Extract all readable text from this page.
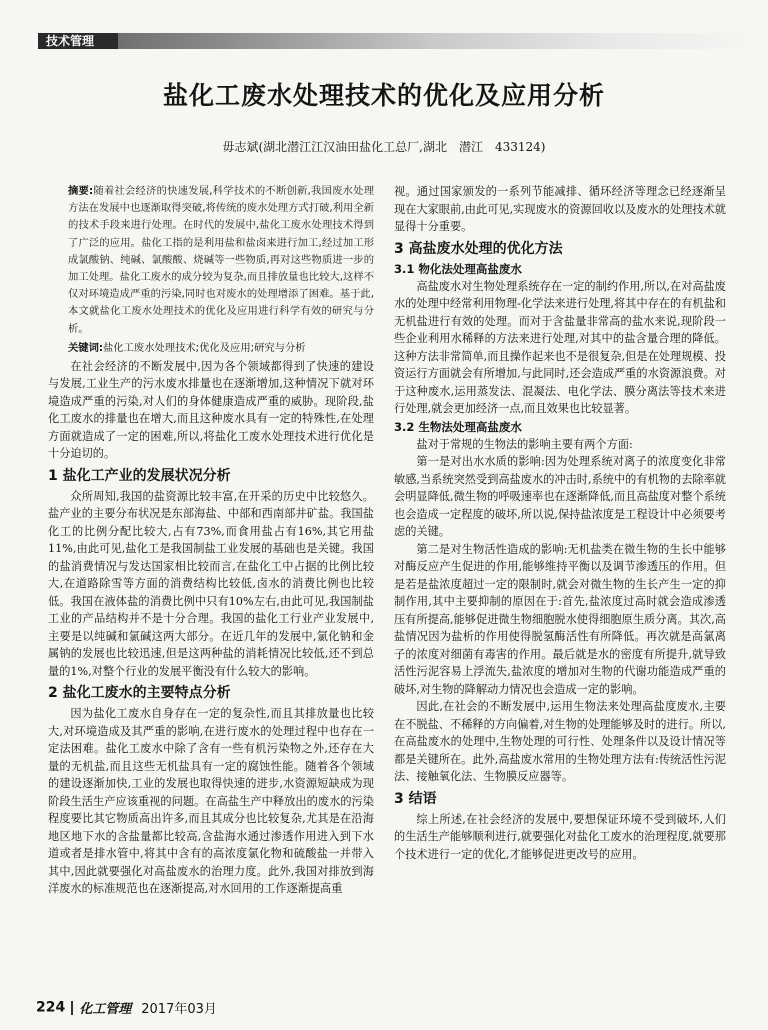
技术管理
盐化工废水处理技术的优化及应用分析
毋志斌(湖北潜江江汉油田盐化工总厂,湖北　潜江　433124)
摘要:随着社会经济的快速发展,科学技术的不断创新,我国废水处理方法在发展中也逐渐取得突破,将传统的废水处理方式打破,利用全新的技术手段来进行处理。在时代的发展中,盐化工废水处理技术得到了广泛的应用。盐化工指的是利用盐和盐卤来进行加工,经过加工形成氯酸钠、纯碱、氯酸酸、烧碱等一些物质,再对这些物质进一步的加工处理。盐化工废水的成分较为复杂,而且排放量也比较大,这样不仅对环境造成严重的污染,同时也对废水的处理增添了困难。基于此,本文就盐化工废水处理技术的优化及应用进行科学有效的研究与分析。
关键词:盐化工废水处理技术;优化及应用;研究与分析

在社会经济的不断发展中,因为各个领域都得到了快速的建设与发展,工业生产的污水废水排量也在逐渐增加,这种情况下就对环境造成严重的污染,对人们的身体健康造成严重的威胁。现阶段,盐化工废水的排量也在增大,而且这种废水具有一定的特殊性,在处理方面就造成了一定的困难,所以,将盐化工废水处理技术进行优化是十分迫切的。

1 盐化工产业的发展状况分析

众所周知,我国的盐资源比较丰富,在开采的历史中比较悠久。盐产业的主要分布状况是东部海盐、中部和西南部井矿盐。我国盐化工的比例分配比较大,占有73%,而食用盐占有16%,其它用盐11%,由此可见,盐化工是我国制盐工业发展的基础也是关键。我国的盐消费情况与发达国家相比较而言,在盐化工中占据的比例比较大,在道路除雪等方面的消费结构比较低,卤水的消费比例也比较低。我国在液体盐的消费比例中只有10%左右,由此可见,我国制盐工业的产品结构并不是十分合理。我国的盐化工行业产业发展中,主要是以纯碱和氯碱这两大部分。在近几年的发展中,氯化钠和金属钠的发展也比较迅速,但是这两种盐的消耗情况比较低,还不到总量的1%,对整个行业的发展平衡没有什么较大的影响。

2 盐化工废水的主要特点分析

因为盐化工废水自身存在一定的复杂性,而且其排放量也比较大,对环境造成及其严重的影响,在进行废水的处理过程中也存在一定法困难。盐化工废水中除了含有一些有机污染物之外,还存在大量的无机盐,而且这些无机盐具有一定的腐蚀性能。随着各个领域的建设逐渐加快,工业的发展也取得快速的进步,水资源短缺成为现阶段生活生产应该重视的问题。在高盐生产中释放出的废水的污染程度要比其它物质高出许多,而且其成分也比较复杂,尤其是在沿海地区地下水的含盐量都比较高,含盐海水通过渗透作用进入到下水道或者是排水管中,将其中含有的高浓度氯化物和硫酸盐一并带入其中,因此就要强化对高盐废水的治理力度。此外,我国对排放到海洋废水的标准规范也在逐渐提高,对水回用的工作逐渐提高重

视。通过国家颁发的一系列节能减排、循环经济等理念已经逐渐呈现在大家眼前,由此可见,实现废水的资源回收以及废水的处理技术就显得十分重要。

3 高盐废水处理的优化方法
3.1 物化法处理高盐废水

高盐废水对生物处理系统存在一定的制约作用,所以,在对高盐废水的处理中经常利用物理-化学法来进行处理,将其中存在的有机盐和无机盐进行有效的处理。而对于含盐量非常高的盐水来说,现阶段一些企业利用水稀释的方法来进行处理,对其中的盐含量合理的降低。这种方法非常简单,而且操作起来也不是很复杂,但是在处理规模、投资运行方面就会有所增加,与此同时,还会造成严重的水资源浪费。对于这种废水,运用蒸发法、混凝法、电化学法、膜分离法等技术来进行处理,就会更加经济一点,而且效果也比较显著。

3.2 生物法处理高盐废水

盐对于常规的生物法的影响主要有两个方面:

第一是对出水水质的影响:因为处理系统对离子的浓度变化非常敏感,当系统突然受到高盐废水的冲击时,系统中的有机物的去除率就会明显降低,微生物的呼吸速率也在逐渐降低,而且高盐度对整个系统也会造成一定程度的破坏,所以说,保持盐浓度是工程设计中必须要考虑的关键。

第二是对生物活性造成的影响:无机盐类在微生物的生长中能够对酶反应产生促进的作用,能够维持平衡以及调节渗透压的作用。但是若是盐浓度超过一定的限制时,就会对微生物的生长产生一定的抑制作用,其中主要抑制的原因在于:首先,盐浓度过高时就会造成渗透压有所提高,能够促进微生物细胞脱水使得细胞原生质分离。其次,高盐情况因为盐析的作用使得脱氢酶活性有所降低。再次就是高氯离子的浓度对细菌有毒害的作用。最后就是水的密度有所提升,就导致活性污泥容易上浮流失,盐浓度的增加对生物的代谢功能造成严重的破坏,对生物的降解动力情况也会造成一定的影响。

因此,在社会的不断发展中,运用生物法来处理高盐度废水,主要在不脱盐、不稀释的方向偏着,对生物的处理能够及时的进行。所以,在高盐废水的处理中,生物处理的可行性、处理条件以及设计情况等都是关键所在。此外,高盐废水常用的生物处理方法有:传统活性污泥法、接触氧化法、生物膜反应器等。

3 结语

综上所述,在社会经济的发展中,要想保证环境不受到破坏,人们的生活生产能够顺利进行,就要强化对盐化工废水的治理程度,就要那个技术进行一定的优化,才能够促进更改号的应用。

224 化工管理 2017年03月
